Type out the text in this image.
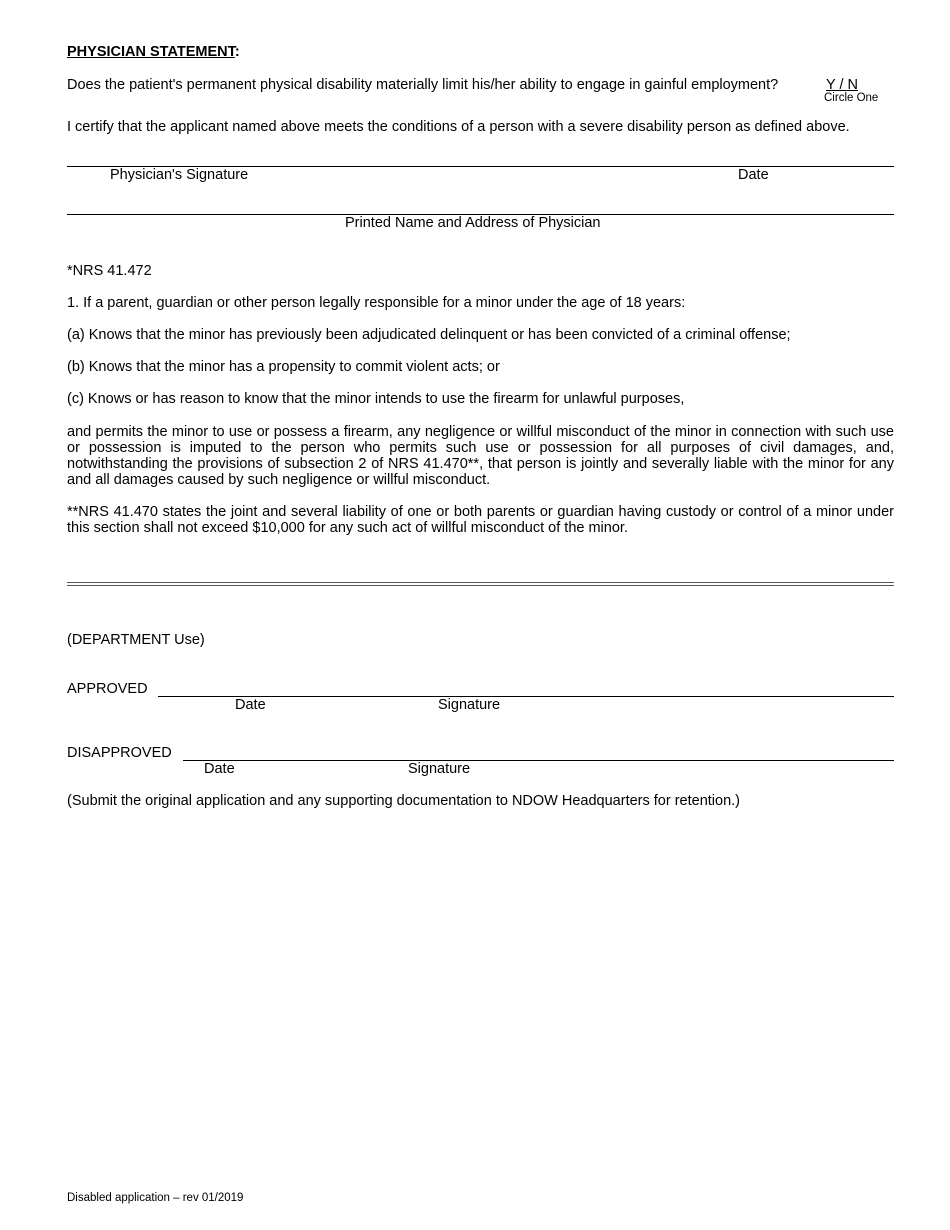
PHYSICIAN STATEMENT:
Does the patient's permanent physical disability materially limit his/her ability to engage in gainful employment?	Y / N
Circle One
I certify that the applicant named above meets the conditions of a person with a severe disability person as defined above.
Physician's Signature	Date
Printed Name and Address of Physician
*NRS 41.472
1. If a parent, guardian or other person legally responsible for a minor under the age of 18 years:
(a) Knows that the minor has previously been adjudicated delinquent or has been convicted of a criminal offense;
(b) Knows that the minor has a propensity to commit violent acts; or
(c) Knows or has reason to know that the minor intends to use the firearm for unlawful purposes,
and permits the minor to use or possess a firearm, any negligence or willful misconduct of the minor in connection with such use or possession is imputed to the person who permits such use or possession for all purposes of civil damages, and, notwithstanding the provisions of subsection 2 of NRS 41.470**, that person is jointly and severally liable with the minor for any and all damages caused by such negligence or willful misconduct.
**NRS 41.470 states the joint and several liability of one or both parents or guardian having custody or control of a minor under this section shall not exceed $10,000 for any such act of willful misconduct of the minor.
(DEPARTMENT Use)
APPROVED
Date	Signature
DISAPPROVED
Date	Signature
(Submit the original application and any supporting documentation to NDOW Headquarters for retention.)
Disabled application – rev 01/2019
